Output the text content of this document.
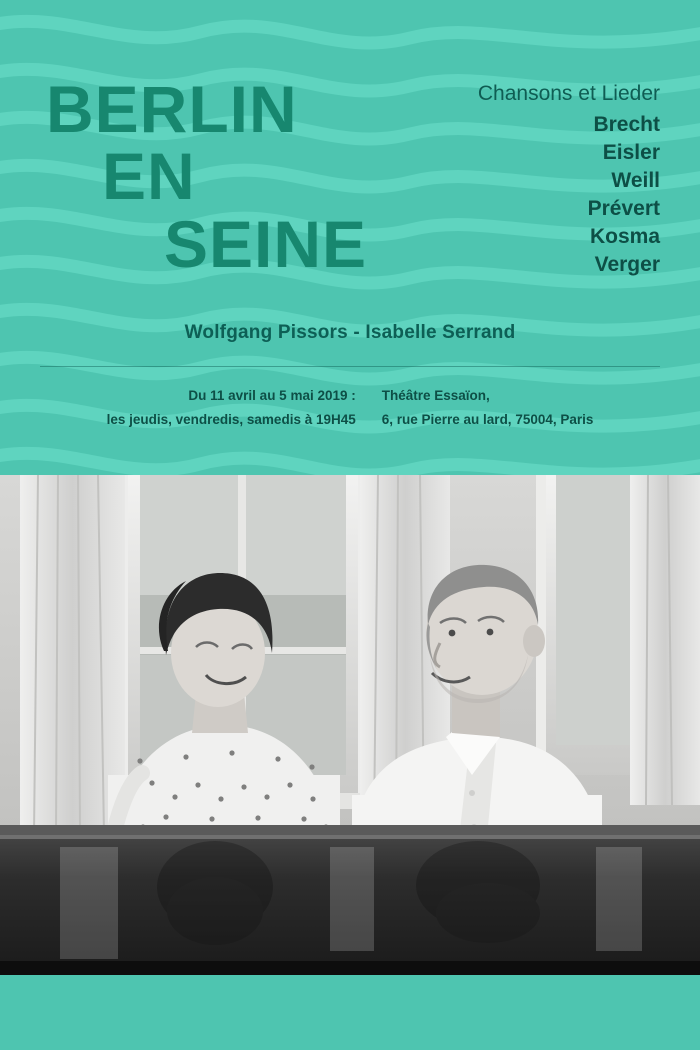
BERLIN
EN
SEINE
Chansons et Lieder
Brecht
Eisler
Weill
Prévert
Kosma
Verger
Wolfgang Pissors - Isabelle Serrand
Du 11 avril au 5 mai 2019 :
les jeudis, vendredis, samedis à 19H45
Théâtre Essaïon,
6, rue Pierre au lard, 75004, Paris
